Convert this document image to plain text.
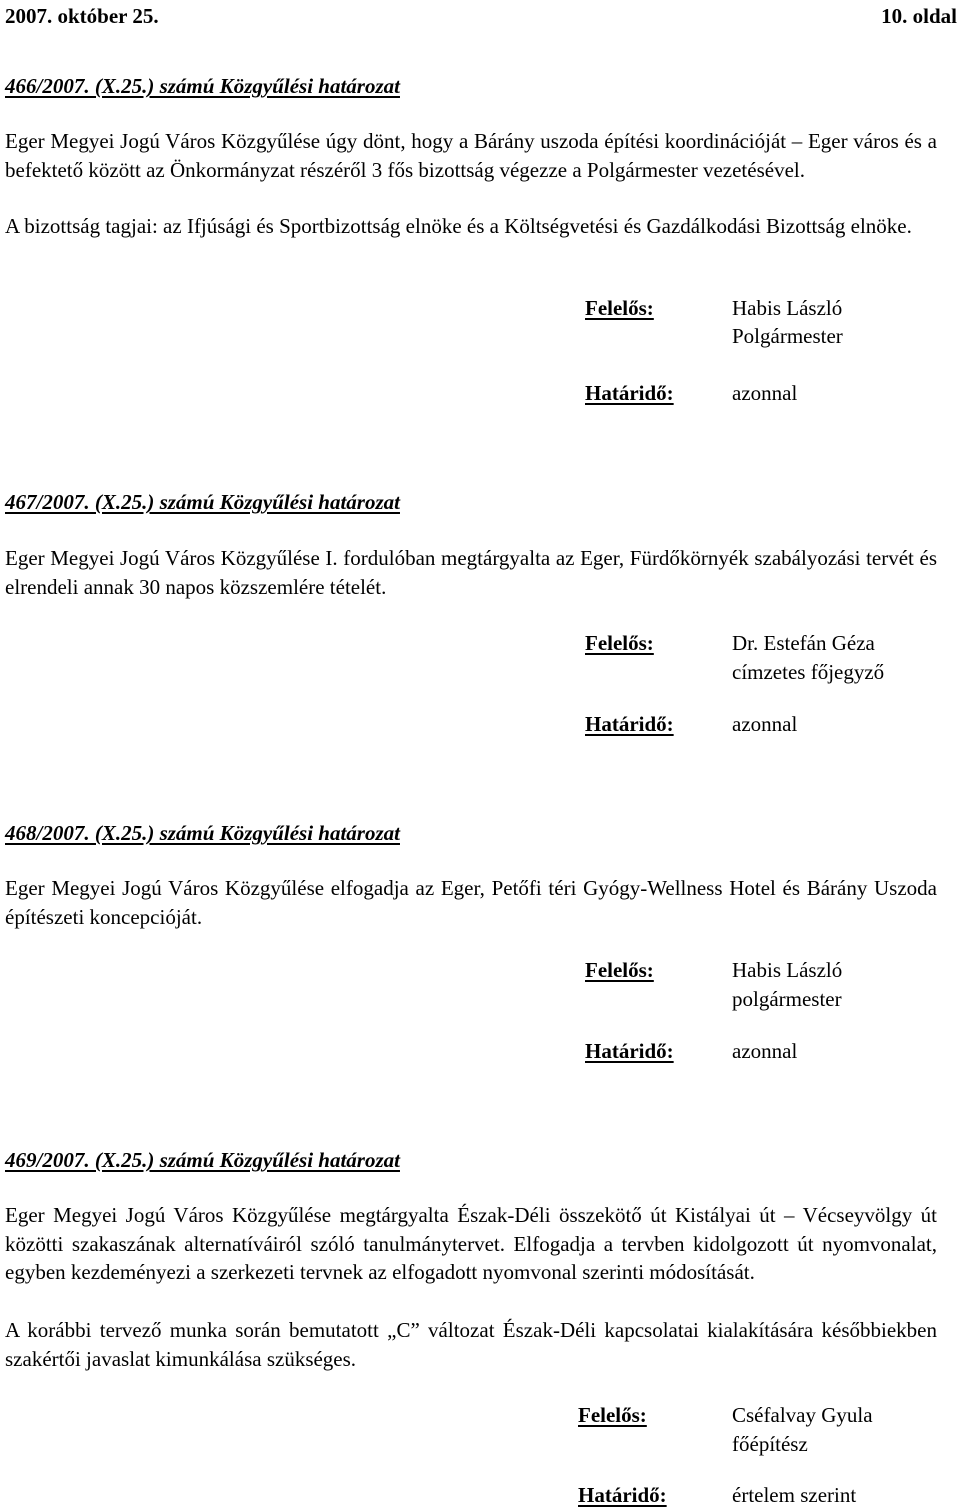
2007. október 25.	10. oldal
466/2007. (X.25.) számú Közgyűlési határozat
Eger Megyei Jogú Város Közgyűlése úgy dönt, hogy a Bárány uszoda építési koordinációját – Eger város és a befektető között az Önkormányzat részéről 3 fős bizottság végezze a Polgármester vezetésével.
A bizottság tagjai: az Ifjúsági és Sportbizottság elnöke és a Költségvetési és Gazdálkodási Bizottság elnöke.
Felelős:	Habis László
Polgármester
Határidő:	azonnal
467/2007. (X.25.) számú Közgyűlési határozat
Eger Megyei Jogú Város Közgyűlése I. fordulóban megtárgyalta az Eger, Fürdőkörnyék szabályozási tervét és elrendeli annak 30 napos közszemlére tételét.
Felelős:	Dr. Estefán Géza
címzetes főjegyző
Határidő:	azonnal
468/2007. (X.25.) számú Közgyűlési határozat
Eger Megyei Jogú Város Közgyűlése elfogadja az Eger, Petőfi téri Gyógy-Wellness Hotel és Bárány Uszoda építészeti koncepcióját.
Felelős:	Habis László
polgármester
Határidő:	azonnal
469/2007. (X.25.) számú Közgyűlési határozat
Eger Megyei Jogú Város Közgyűlése megtárgyalta Észak-Déli összekötő út Kistályai út – Vécseyvölgy út közötti szakaszának alternatíváiról szóló tanulmánytervet. Elfogadja a tervben kidolgozott út nyomvonalat, egyben kezdeményezi a szerkezeti tervnek az elfogadott nyomvonal szerinti módosítását.
A korábbi tervező munka során bemutatott „C” változat Észak-Déli kapcsolatai kialakítására későbbiekben szakértői javaslat kimunkálása szükséges.
Felelős:	Cséfalvay Gyula
főépítész
Határidő:	értelem szerint
